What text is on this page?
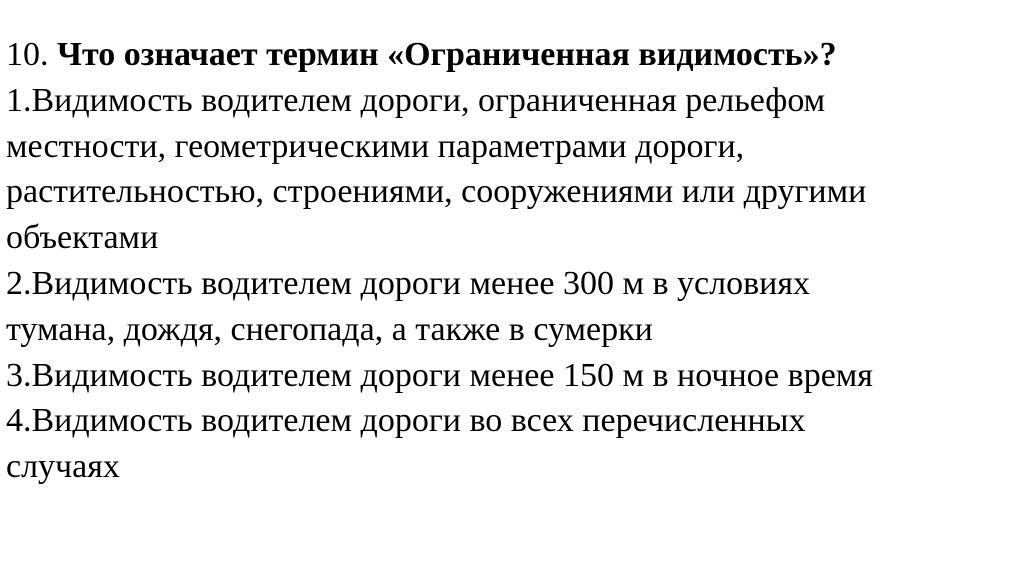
10. Что означает термин «Ограниченная видимость»?
1.Видимость водителем дороги, ограниченная рельефом
местности, геометрическими параметрами дороги,
растительностью, строениями, сооружениями или другими
объектами
2.Видимость водителем дороги менее 300 м в условиях
тумана, дождя, снегопада, а также в сумерки
3.Видимость водителем дороги менее 150 м в ночное время
4.Видимость водителем дороги во всех перечисленных
случаях
